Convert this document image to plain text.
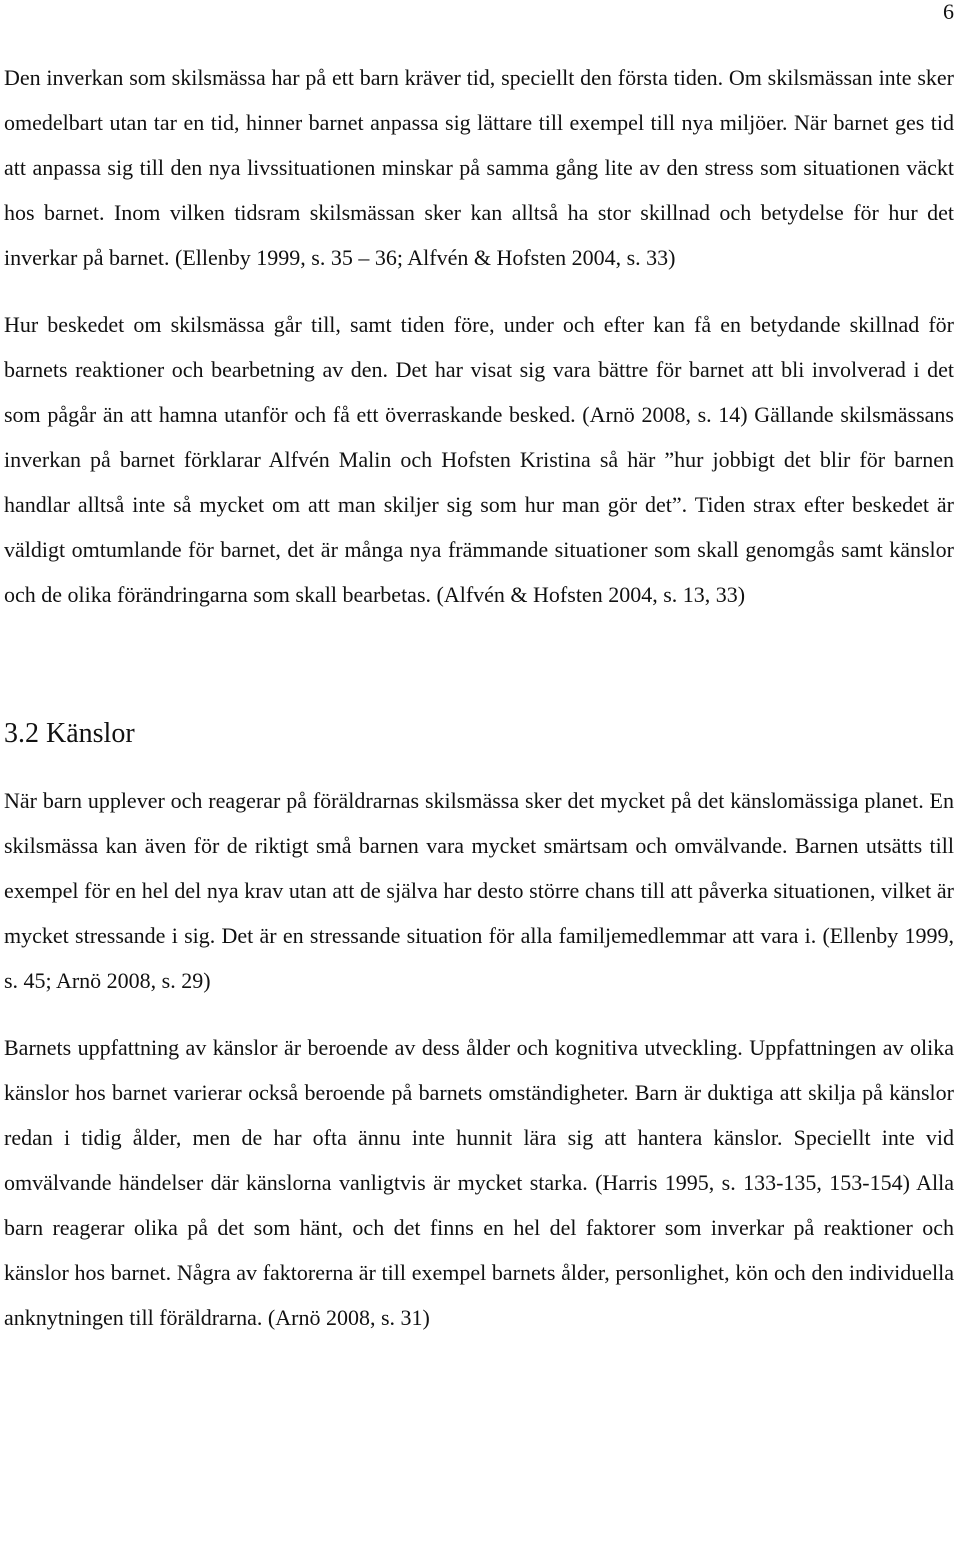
6

Den inverkan som skilsmässa har på ett barn kräver tid, speciellt den första tiden. Om skilsmässan inte sker omedelbart utan tar en tid, hinner barnet anpassa sig lättare till exempel till nya miljöer. När barnet ges tid att anpassa sig till den nya livssituationen minskar på samma gång lite av den stress som situationen väckt hos barnet. Inom vilken tidsram skilsmässan sker kan alltså ha stor skillnad och betydelse för hur det inverkar på barnet. (Ellenby 1999, s. 35 – 36; Alfvén & Hofsten 2004, s. 33)

Hur beskedet om skilsmässa går till, samt tiden före, under och efter kan få en betydande skillnad för barnets reaktioner och bearbetning av den. Det har visat sig vara bättre för barnet att bli involverad i det som pågår än att hamna utanför och få ett överraskande besked. (Arnö 2008, s. 14) Gällande skilsmässans inverkan på barnet förklarar Alfvén Malin och Hofsten Kristina så här ”hur jobbigt det blir för barnen handlar alltså inte så mycket om att man skiljer sig som hur man gör det”. Tiden strax efter beskedet är väldigt omtumlande för barnet, det är många nya främmande situationer som skall genomgås samt känslor och de olika förändringarna som skall bearbetas. (Alfvén & Hofsten 2004, s. 13, 33)

3.2 Känslor

När barn upplever och reagerar på föräldrarnas skilsmässa sker det mycket på det känslomässiga planet. En skilsmässa kan även för de riktigt små barnen vara mycket smärtsam och omvälvande. Barnen utsätts till exempel för en hel del nya krav utan att de själva har desto större chans till att påverka situationen, vilket är mycket stressande i sig. Det är en stressande situation för alla familjemedlemmar att vara i. (Ellenby 1999, s. 45; Arnö 2008, s. 29)

Barnets uppfattning av känslor är beroende av dess ålder och kognitiva utveckling. Uppfattningen av olika känslor hos barnet varierar också beroende på barnets omständigheter. Barn är duktiga att skilja på känslor redan i tidig ålder, men de har ofta ännu inte hunnit lära sig att hantera känslor. Speciellt inte vid omvälvande händelser där känslorna vanligtvis är mycket starka. (Harris 1995, s. 133-135, 153-154) Alla barn reagerar olika på det som hänt, och det finns en hel del faktorer som inverkar på reaktioner och känslor hos barnet. Några av faktorerna är till exempel barnets ålder, personlighet, kön och den individuella anknytningen till föräldrarna. (Arnö 2008, s. 31)
